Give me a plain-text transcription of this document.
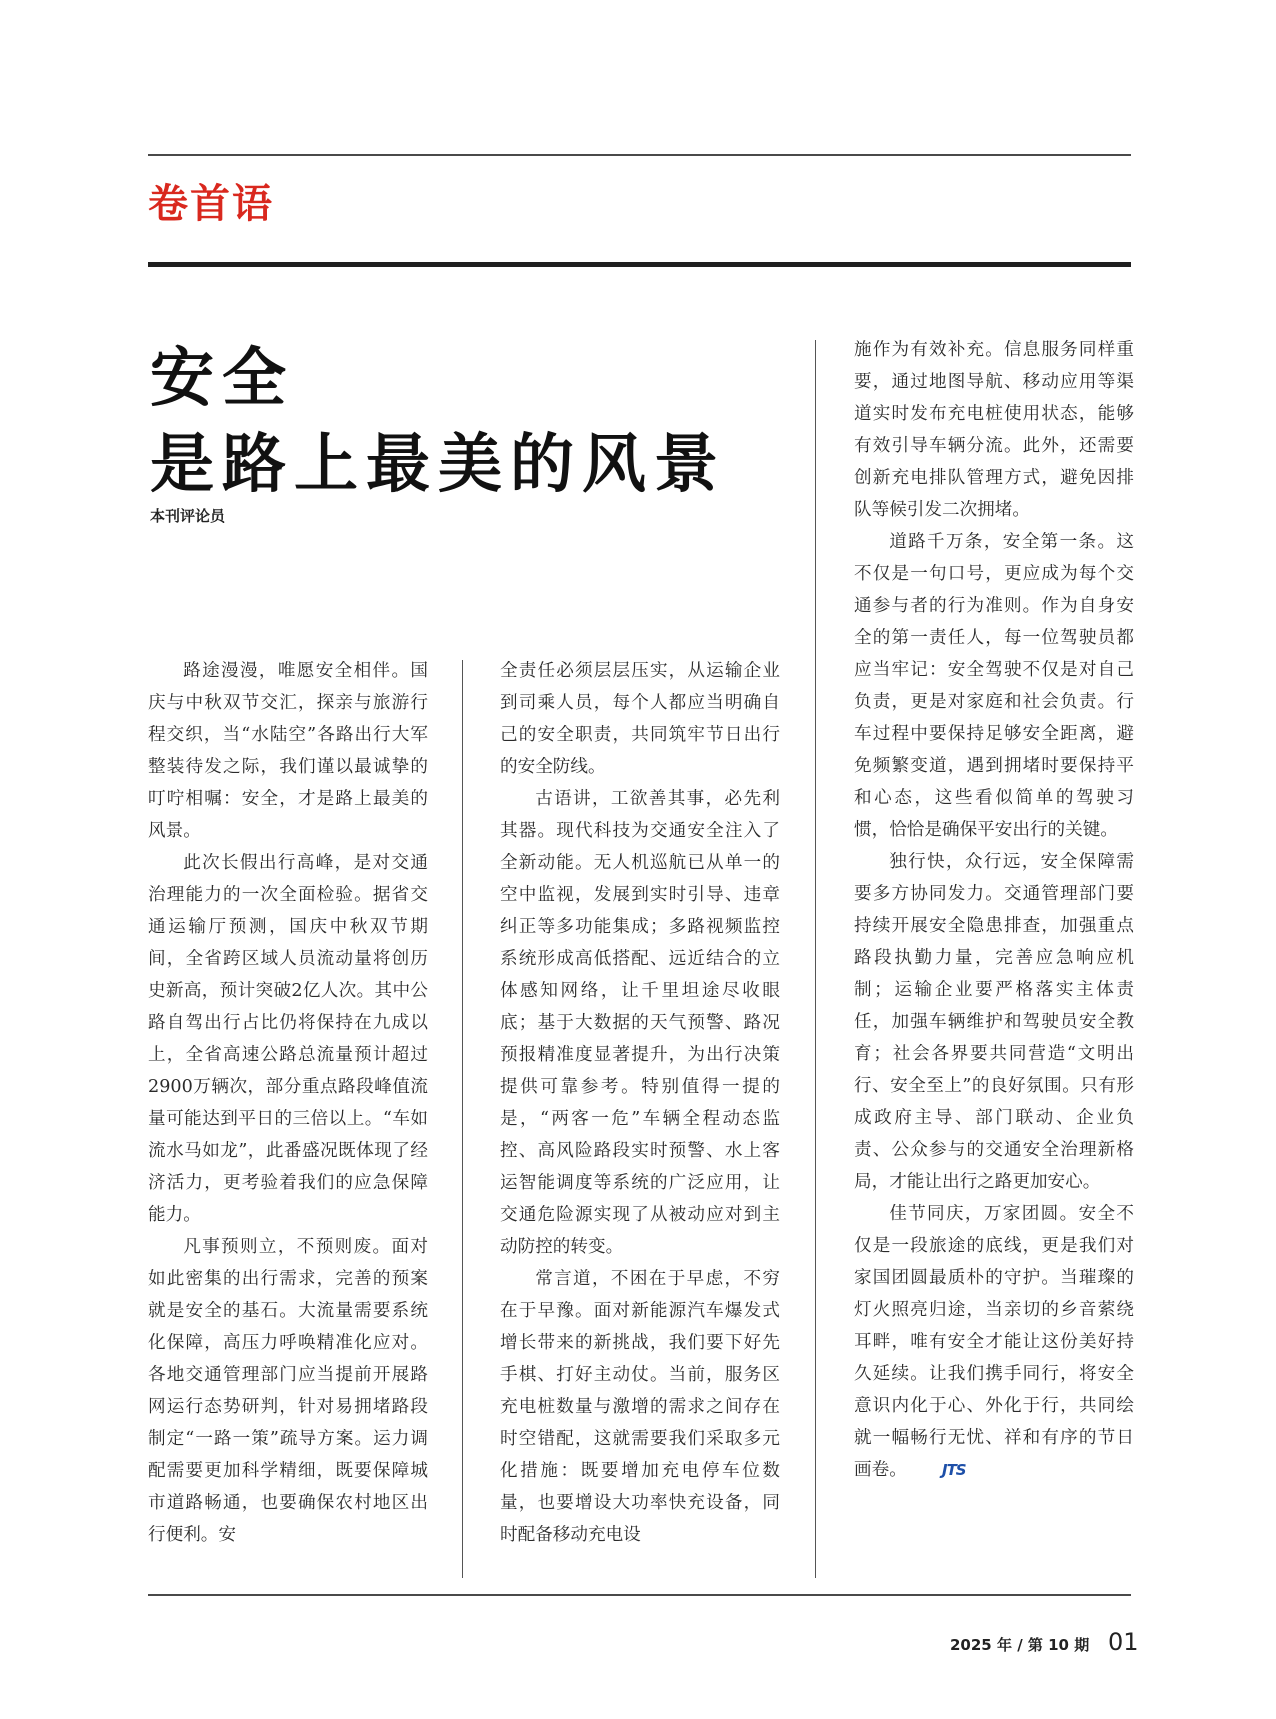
卷首语
安全
是路上最美的风景
本刊评论员

路途漫漫，唯愿安全相伴。国庆与中秋双节交汇，探亲与旅游行程交织，当“水陆空”各路出行大军整装待发之际，我们谨以最诚挚的叮咛相嘱：安全，才是路上最美的风景。

此次长假出行高峰，是对交通治理能力的一次全面检验。据省交通运输厅预测，国庆中秋双节期间，全省跨区域人员流动量将创历史新高，预计突破2亿人次。其中公路自驾出行占比仍将保持在九成以上，全省高速公路总流量预计超过2900万辆次，部分重点路段峰值流量可能达到平日的三倍以上。“车如流水马如龙”，此番盛况既体现了经济活力，更考验着我们的应急保障能力。

凡事预则立，不预则废。面对如此密集的出行需求，完善的预案就是安全的基石。大流量需要系统化保障，高压力呼唤精准化应对。各地交通管理部门应当提前开展路网运行态势研判，针对易拥堵路段制定“一路一策”疏导方案。运力调配需要更加科学精细，既要保障城市道路畅通，也要确保农村地区出行便利。安

全责任必须层层压实，从运输企业到司乘人员，每个人都应当明确自己的安全职责，共同筑牢节日出行的安全防线。

古语讲，工欲善其事，必先利其器。现代科技为交通安全注入了全新动能。无人机巡航已从单一的空中监视，发展到实时引导、违章纠正等多功能集成；多路视频监控系统形成高低搭配、远近结合的立体感知网络，让千里坦途尽收眼底；基于大数据的天气预警、路况预报精准度显著提升，为出行决策提供可靠参考。特别值得一提的是，“两客一危”车辆全程动态监控、高风险路段实时预警、水上客运智能调度等系统的广泛应用，让交通危险源实现了从被动应对到主动防控的转变。

常言道，不困在于早虑，不穷在于早豫。面对新能源汽车爆发式增长带来的新挑战，我们要下好先手棋、打好主动仗。当前，服务区充电桩数量与激增的需求之间存在时空错配，这就需要我们采取多元化措施：既要增加充电停车位数量，也要增设大功率快充设备，同时配备移动充电设

施作为有效补充。信息服务同样重要，通过地图导航、移动应用等渠道实时发布充电桩使用状态，能够有效引导车辆分流。此外，还需要创新充电排队管理方式，避免因排队等候引发二次拥堵。

道路千万条，安全第一条。这不仅是一句口号，更应成为每个交通参与者的行为准则。作为自身安全的第一责任人，每一位驾驶员都应当牢记：安全驾驶不仅是对自己负责，更是对家庭和社会负责。行车过程中要保持足够安全距离，避免频繁变道，遇到拥堵时要保持平和心态，这些看似简单的驾驶习惯，恰恰是确保平安出行的关键。

独行快，众行远，安全保障需要多方协同发力。交通管理部门要持续开展安全隐患排查，加强重点路段执勤力量，完善应急响应机制；运输企业要严格落实主体责任，加强车辆维护和驾驶员安全教育；社会各界要共同营造“文明出行、安全至上”的良好氛围。只有形成政府主导、部门联动、企业负责、公众参与的交通安全治理新格局，才能让出行之路更加安心。

佳节同庆，万家团圆。安全不仅是一段旅途的底线，更是我们对家国团圆最质朴的守护。当璀璨的灯火照亮归途，当亲切的乡音萦绕耳畔，唯有安全才能让这份美好持久延续。让我们携手同行，将安全意识内化于心、外化于行，共同绘就一幅畅行无忧、祥和有序的节日画卷。 JTS

2025 年 / 第 10 期 01
